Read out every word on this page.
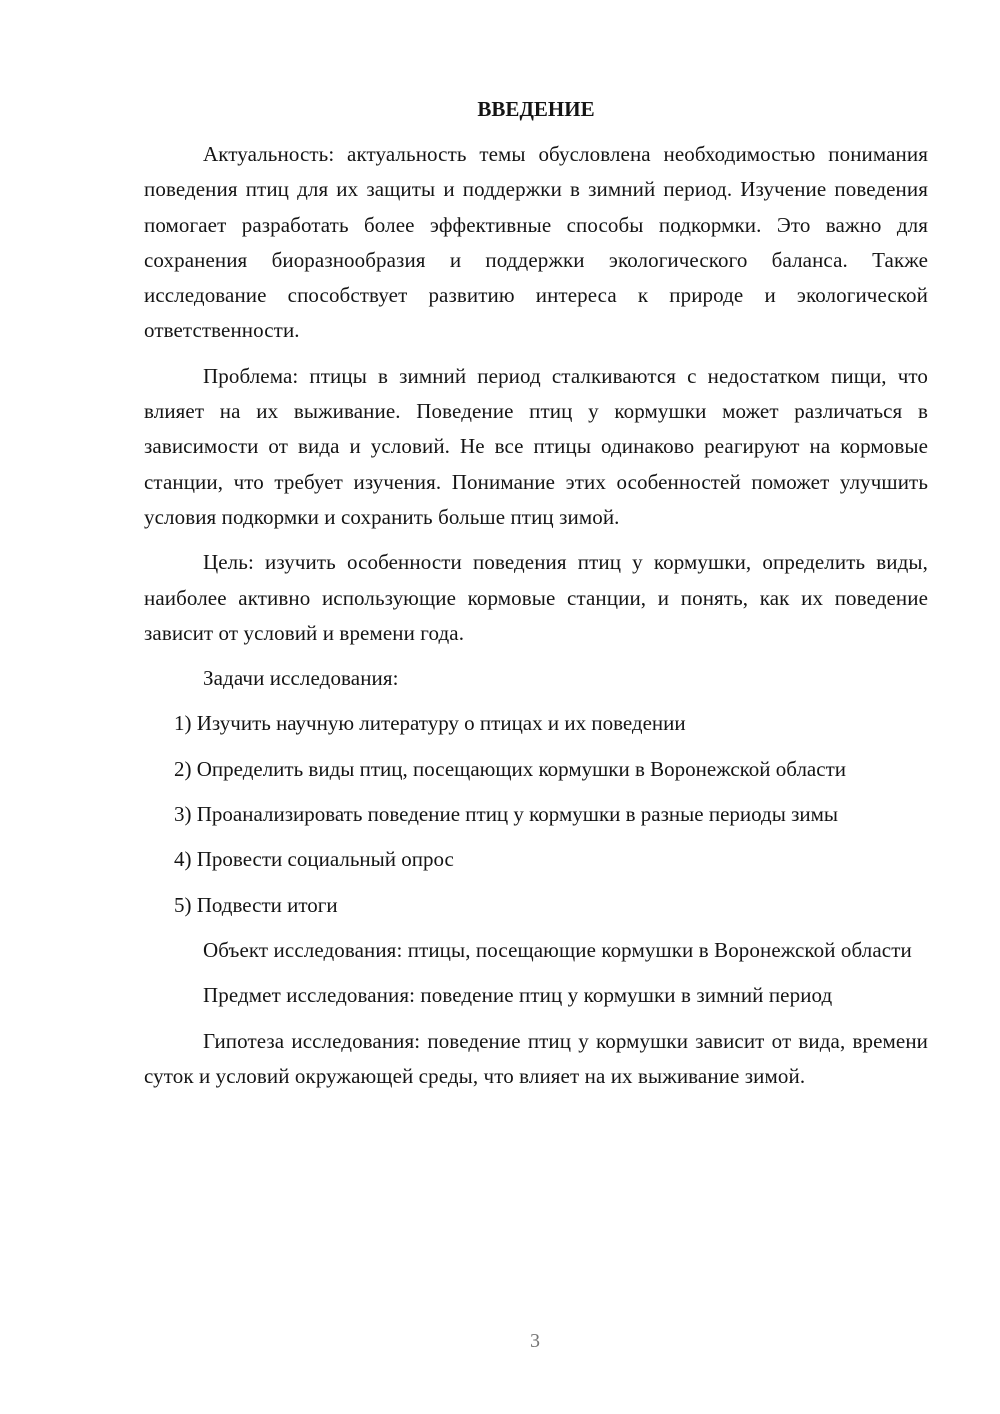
ВВЕДЕНИЕ

Актуальность: актуальность темы обусловлена необходимостью понимания поведения птиц для их защиты и поддержки в зимний период. Изучение поведения помогает разработать более эффективные способы подкормки. Это важно для сохранения биоразнообразия и поддержки экологического баланса. Также исследование способствует развитию интереса к природе и экологической ответственности.

Проблема: птицы в зимний период сталкиваются с недостатком пищи, что влияет на их выживание. Поведение птиц у кормушки может различаться в зависимости от вида и условий. Не все птицы одинаково реагируют на кормовые станции, что требует изучения. Понимание этих особенностей поможет улучшить условия подкормки и сохранить больше птиц зимой.

Цель: изучить особенности поведения птиц у кормушки, определить виды, наиболее активно использующие кормовые станции, и понять, как их поведение зависит от условий и времени года.

Задачи исследования:

1) Изучить научную литературу о птицах и их поведении

2) Определить виды птиц, посещающих кормушки в Воронежской области

3) Проанализировать поведение птиц у кормушки в разные периоды зимы

4) Провести социальный опрос

5) Подвести итоги

Объект исследования: птицы, посещающие кормушки в Воронежской области

Предмет исследования: поведение птиц у кормушки в зимний период

Гипотеза исследования: поведение птиц у кормушки зависит от вида, времени суток и условий окружающей среды, что влияет на их выживание зимой.

3
